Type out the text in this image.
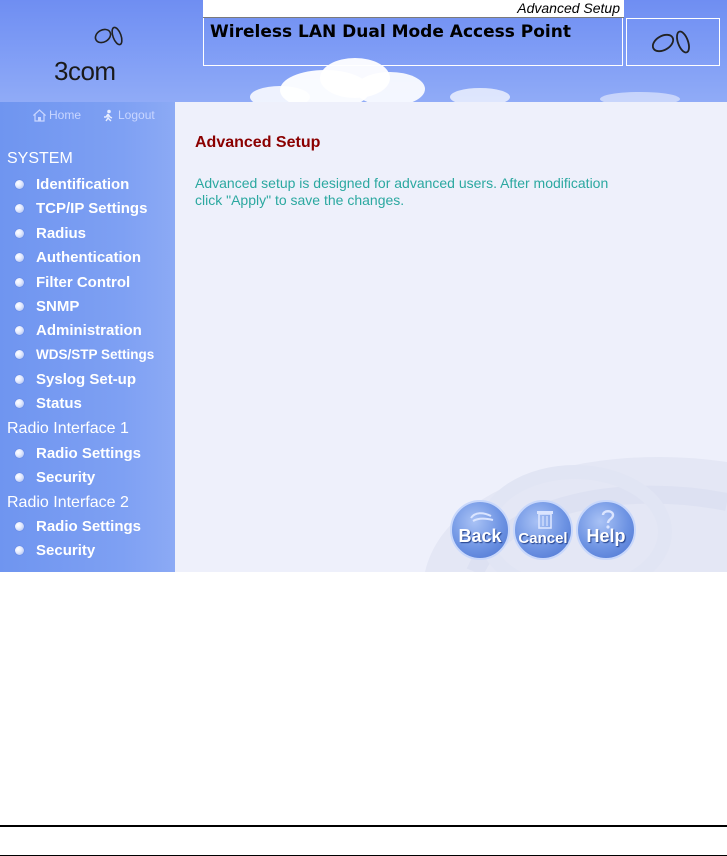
3com
Advanced Setup
Wireless LAN Dual Mode Access Point
Home	Logout
SYSTEM
Identification
TCP/IP Settings
Radius
Authentication
Filter Control
SNMP
Administration
WDS/STP Settings
Syslog Set-up
Status
Radio Interface 1
Radio Settings
Security
Radio Interface 2
Radio Settings
Security
Advanced Setup
Advanced setup is designed for advanced users. After modification click "Apply" to save the changes.
Back	Cancel	Help
